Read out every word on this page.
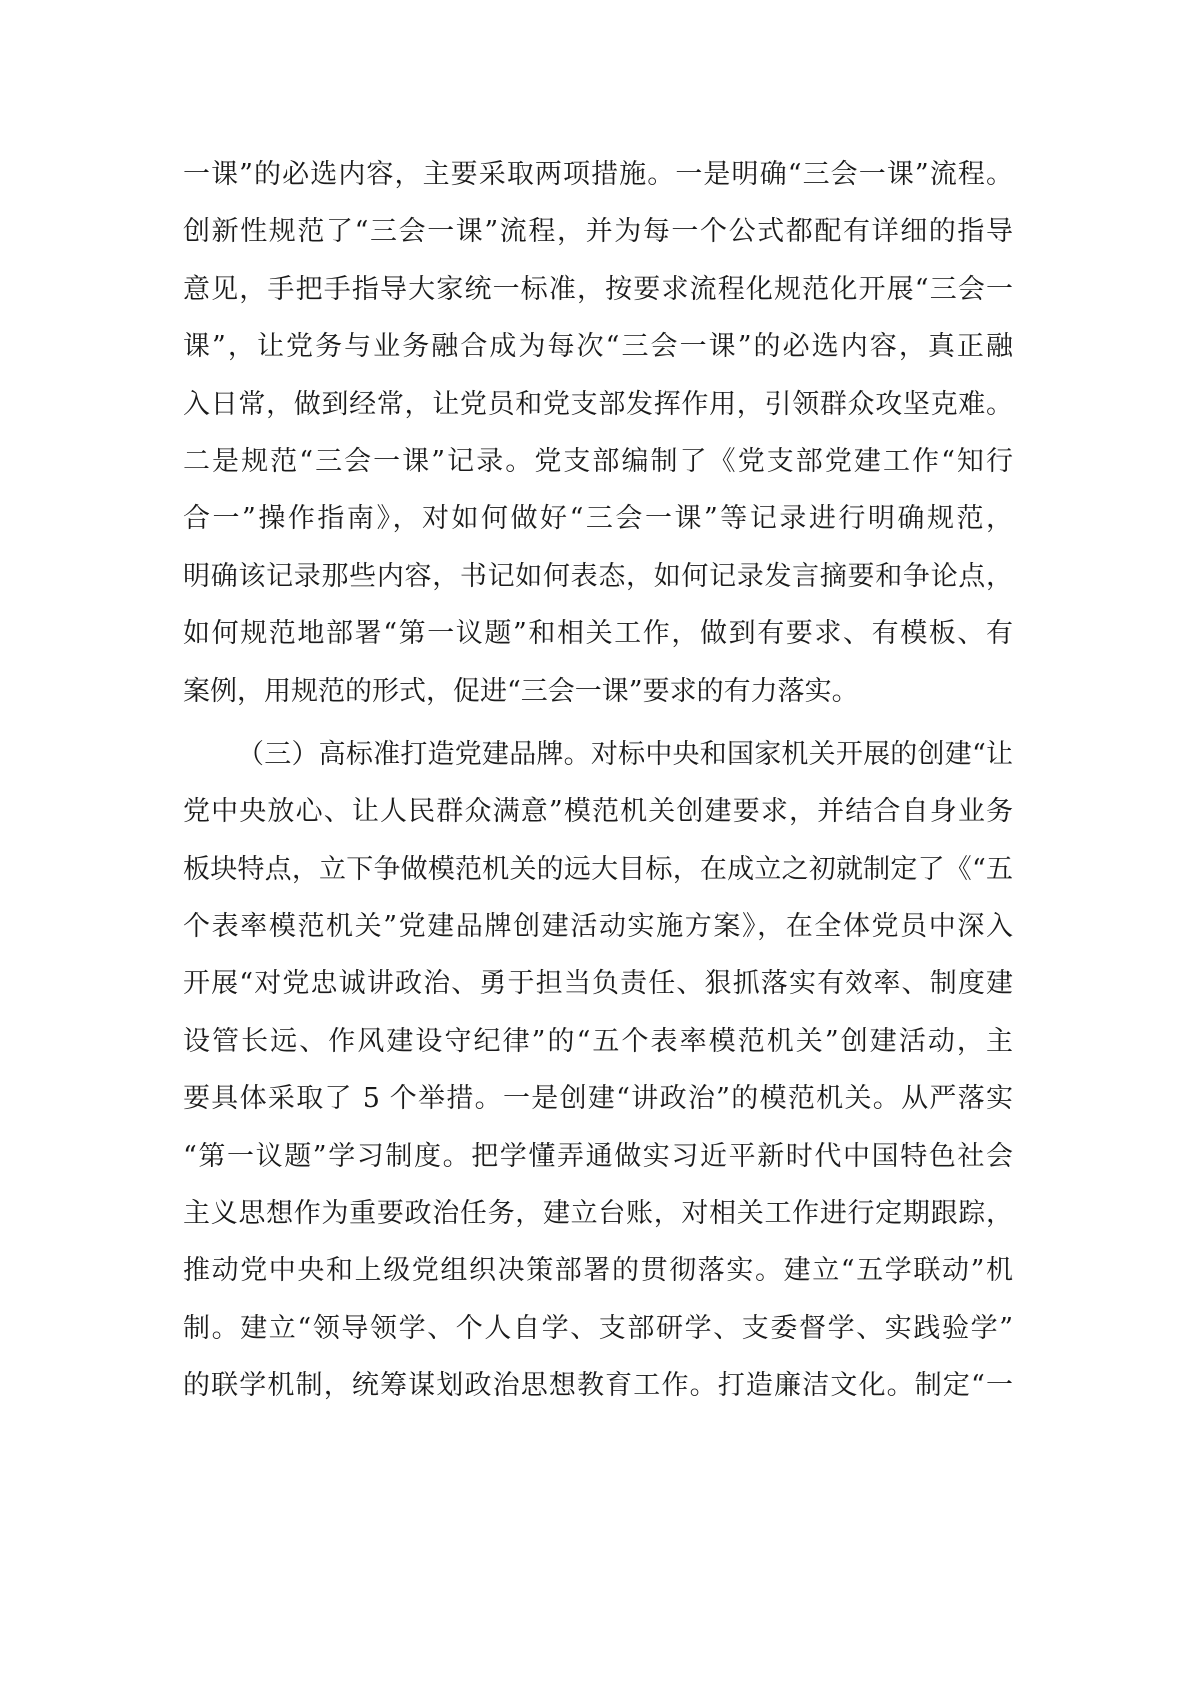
一课”的必选内容，主要采取两项措施。一是明确“三会一课”流程。
创新性规范了“三会一课”流程，并为每一个公式都配有详细的指导
意见，手把手指导大家统一标准，按要求流程化规范化开展“三会一
课”，让党务与业务融合成为每次“三会一课”的必选内容，真正融
入日常，做到经常，让党员和党支部发挥作用，引领群众攻坚克难。
二是规范“三会一课”记录。党支部编制了《党支部党建工作“知行
合一”操作指南》，对如何做好“三会一课”等记录进行明确规范，
明确该记录那些内容，书记如何表态，如何记录发言摘要和争论点，
如何规范地部署“第一议题”和相关工作，做到有要求、有模板、有
案例，用规范的形式，促进“三会一课”要求的有力落实。
（三）高标准打造党建品牌。对标中央和国家机关开展的创建“让
党中央放心、让人民群众满意”模范机关创建要求，并结合自身业务
板块特点，立下争做模范机关的远大目标，在成立之初就制定了《“五
个表率模范机关”党建品牌创建活动实施方案》，在全体党员中深入
开展“对党忠诚讲政治、勇于担当负责任、狠抓落实有效率、制度建
设管长远、作风建设守纪律”的“五个表率模范机关”创建活动，主
要具体采取了 5 个举措。一是创建“讲政治”的模范机关。从严落实
“第一议题”学习制度。把学懂弄通做实习近平新时代中国特色社会
主义思想作为重要政治任务，建立台账，对相关工作进行定期跟踪，
推动党中央和上级党组织决策部署的贯彻落实。建立“五学联动”机
制。建立“领导领学、个人自学、支部研学、支委督学、实践验学”
的联学机制，统筹谋划政治思想教育工作。打造廉洁文化。制定“一
